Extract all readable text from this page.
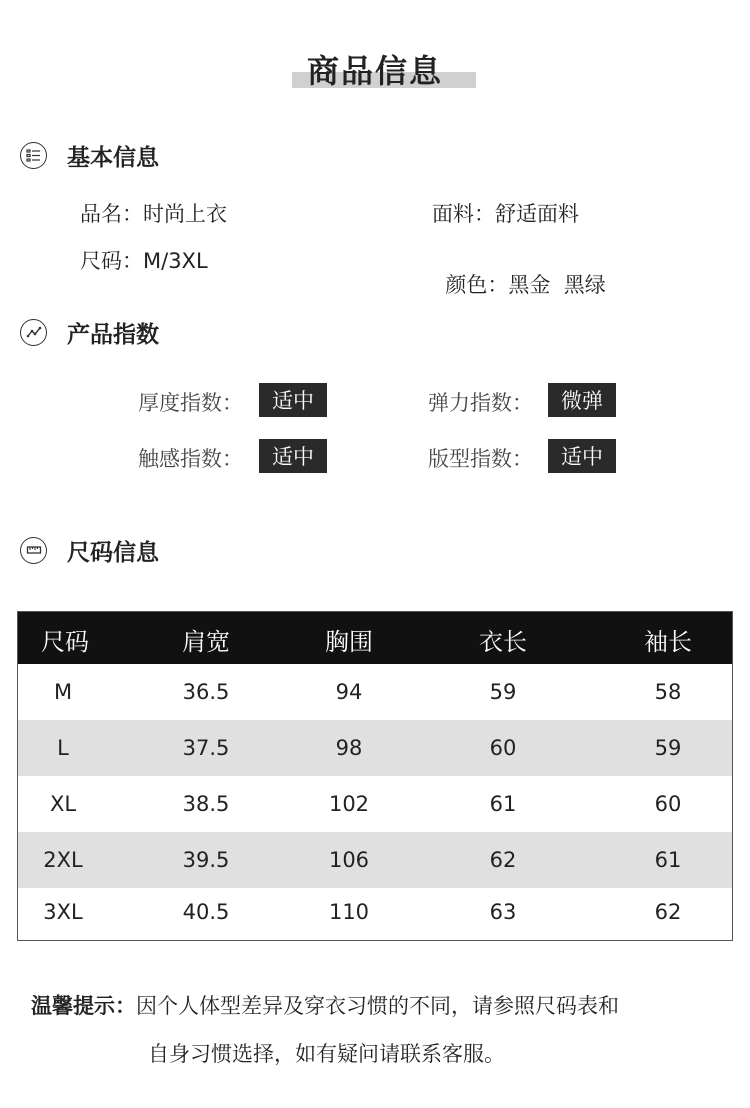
商品信息
基本信息
品名：时尚上衣	面料：舒适面料
尺码：M/3XL

颜色：黑金  黑绿

产品指数
厚度指数：	适中	弹力指数：	微弹
触感指数：	适中	版型指数：	适中
尺码信息
尺码	肩宽	胸围	衣长	袖长
M	36.5	94	59	58
L	37.5	98	60	59
XL	38.5	102	61	60
2XL	39.5	106	62	61
3XL	40.5	110	63	62
温馨提示：因个人体型差异及穿衣习惯的不同，请参照尺码表和
自身习惯选择，如有疑问请联系客服。
